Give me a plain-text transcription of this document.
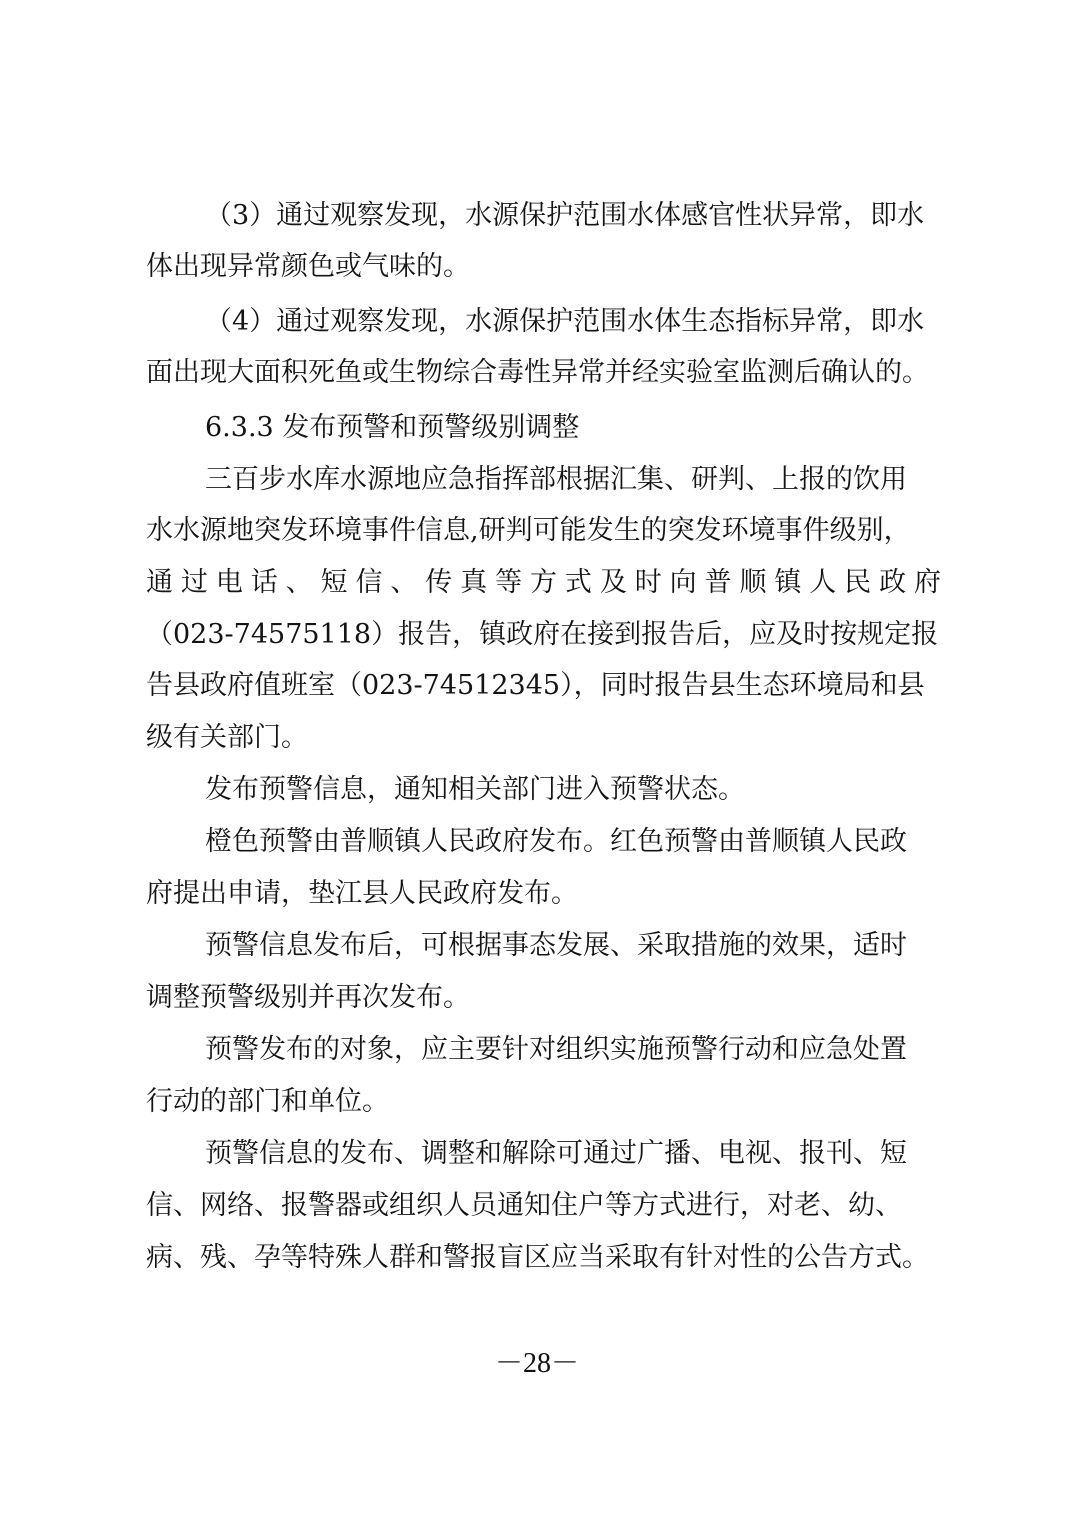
（3）通过观察发现，水源保护范围水体感官性状异常，即水
体出现异常颜色或气味的。
（4）通过观察发现，水源保护范围水体生态指标异常，即水
面出现大面积死鱼或生物综合毒性异常并经实验室监测后确认的。
6.3.3 发布预警和预警级别调整
三百步水库水源地应急指挥部根据汇集、研判、上报的饮用
水水源地突发环境事件信息,研判可能发生的突发环境事件级别，
通过电话、短信、传真等方式及时向普顺镇人民政府
（023-74575118）报告，镇政府在接到报告后，应及时按规定报
告县政府值班室（023-74512345），同时报告县生态环境局和县
级有关部门。
发布预警信息，通知相关部门进入预警状态。
橙色预警由普顺镇人民政府发布。红色预警由普顺镇人民政
府提出申请，垫江县人民政府发布。
预警信息发布后，可根据事态发展、采取措施的效果，适时
调整预警级别并再次发布。
预警发布的对象，应主要针对组织实施预警行动和应急处置
行动的部门和单位。
预警信息的发布、调整和解除可通过广播、电视、报刊、短
信、网络、报警器或组织人员通知住户等方式进行，对老、幼、
病、残、孕等特殊人群和警报盲区应当采取有针对性的公告方式。
－28－
